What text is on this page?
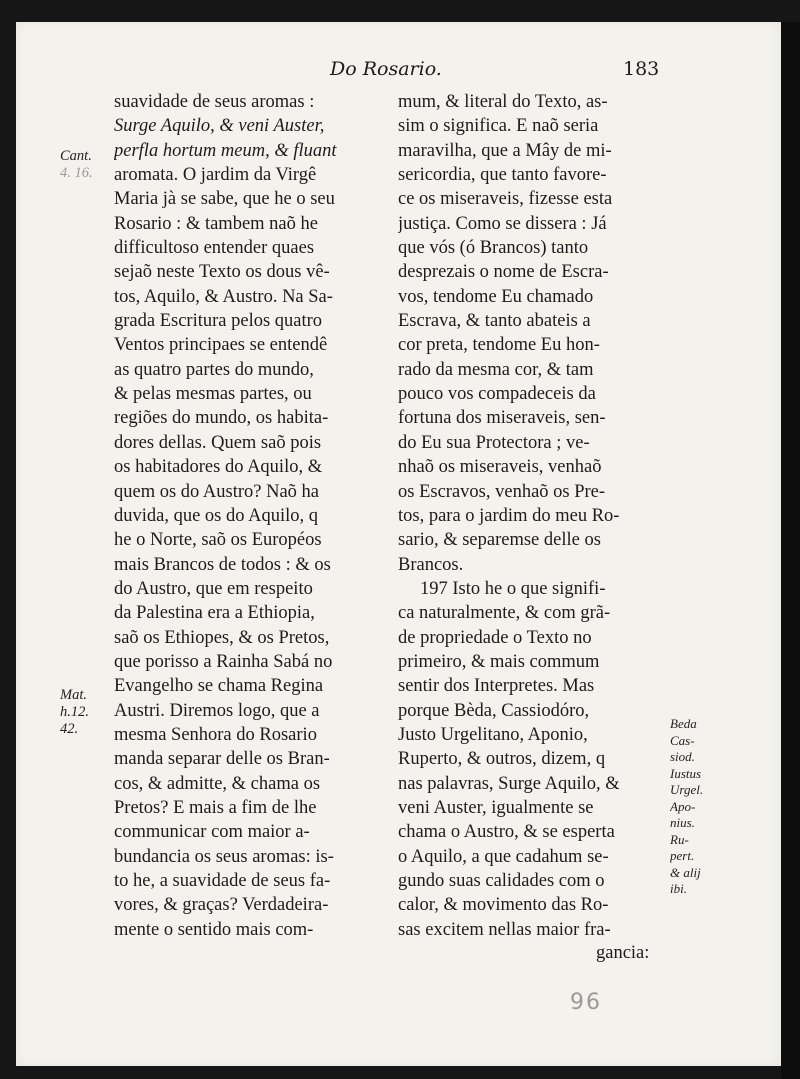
Do Rosario.	183
Cant.
4. 16.
Mat.
h.12.
42.
suavidade de seus aromas :
Surge Aquilo, & veni Auster,
perfla hortum meum, & fluant
aromata. O jardim da Virgê
Maria jà se sabe, que he o seu
Rosario : & tambem naõ he
difficultoso entender quaes
sejaõ neste Texto os dous vê-
tos, Aquilo, & Austro. Na Sa-
grada Escritura pelos quatro
Ventos principaes se entendê
as quatro partes do mundo,
& pelas mesmas partes, ou
regiões do mundo, os habita-
dores dellas. Quem saõ pois
os habitadores do Aquilo, &
quem os do Austro? Naõ ha
duvida, que os do Aquilo, q
he o Norte, saõ os Européos
mais Brancos de todos : & os
do Austro, que em respeito
da Palestina era a Ethiopia,
saõ os Ethiopes, & os Pretos,
que porisso a Rainha Sabá no
Evangelho se chama Regina
Austri. Diremos logo, que a
mesma Senhora do Rosario
manda separar delle os Bran-
cos, & admitte, & chama os
Pretos? E mais a fim de lhe
communicar com maior a-
bundancia os seus aromas: is-
to he, a suavidade de seus fa-
vores, & graças? Verdadeira-
mente o sentido mais com-
mum, & literal do Texto, as-
sim o significa. E naõ seria
maravilha, que a Mây de mi-
sericordia, que tanto favore-
ce os miseraveis, fizesse esta
justiça. Como se dissera : Já
que vós (ó Brancos) tanto
desprezais o nome de Escra-
vos, tendome Eu chamado
Escrava, & tanto abateis a
cor preta, tendome Eu hon-
rado da mesma cor, & tam
pouco vos compadeceis da
fortuna dos miseraveis, sen-
do Eu sua Protectora ; ve-
nhaõ os miseraveis, venhaõ
os Escravos, venhaõ os Pre-
tos, para o jardim do meu Ro-
sario, & separemse delle os
Brancos.
197 Isto he o que signifi-
ca naturalmente, & com grã-
de propriedade o Texto no
primeiro, & mais commum
sentir dos Interpretes. Mas
porque Bèda, Cassiodóro,
Justo Urgelitano, Aponio,
Ruperto, & outros, dizem, q
nas palavras, Surge Aquilo, &
veni Auster, igualmente se
chama o Austro, & se esperta
o Aquilo, a que cadahum se-
gundo suas calidades com o
calor, & movimento das Ro-
sas excitem nellas maior fra-
Beda
Cas-
siod.
Iustus
Urgel.
Apo-
nius.
Ru-
pert.
& alij
ibi.
gancia:
96
